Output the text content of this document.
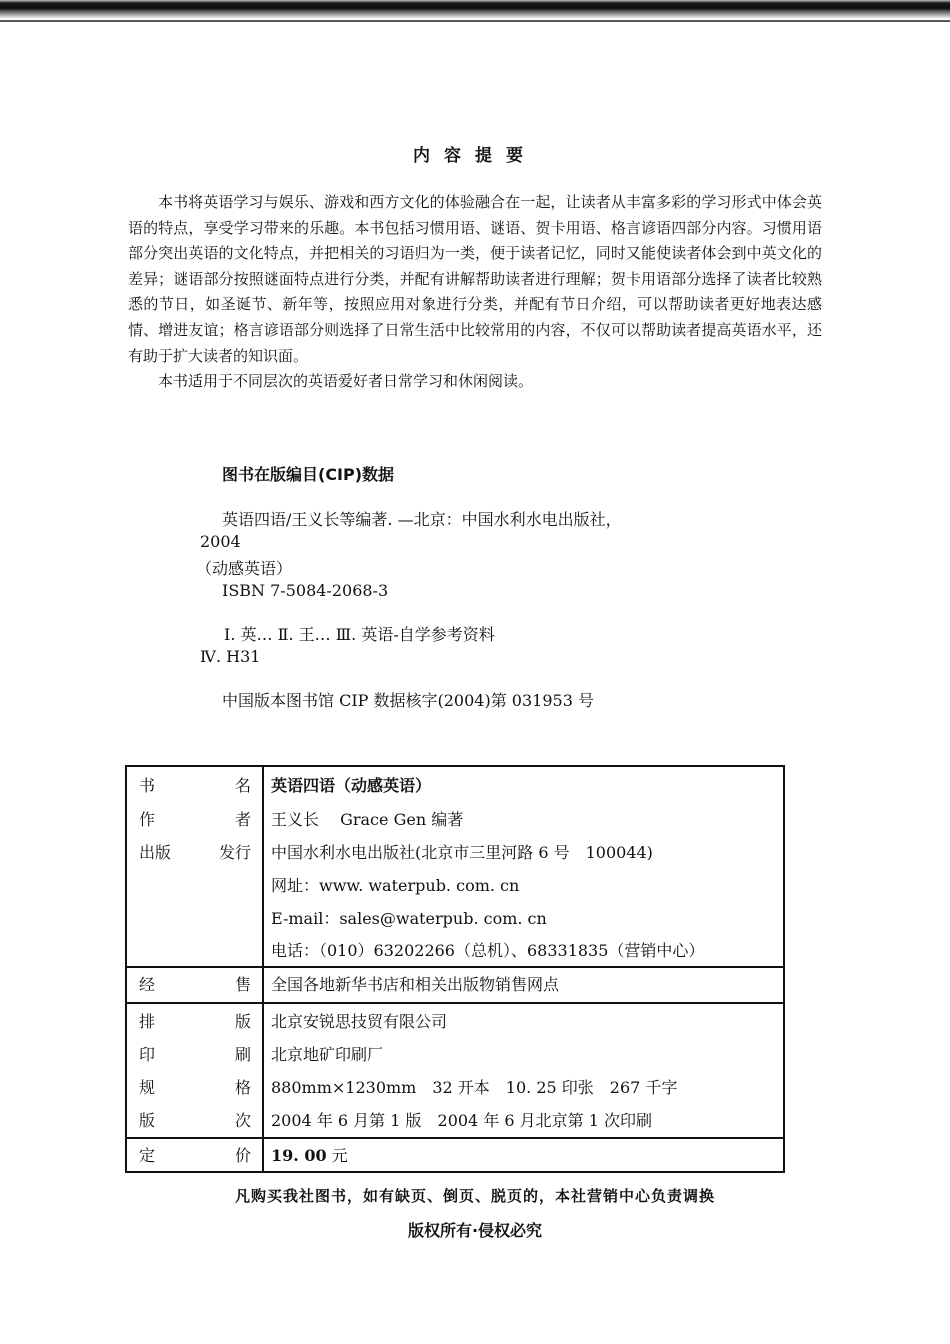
内容提要

本书将英语学习与娱乐、游戏和西方文化的体验融合在一起，让读者从丰富多彩的学习形式中体会英语的特点，享受学习带来的乐趣。本书包括习惯用语、谜语、贺卡用语、格言谚语四部分内容。习惯用语部分突出英语的文化特点，并把相关的习语归为一类，便于读者记忆，同时又能使读者体会到中英文化的差异；谜语部分按照谜面特点进行分类，并配有讲解帮助读者进行理解；贺卡用语部分选择了读者比较熟悉的节日，如圣诞节、新年等，按照应用对象进行分类，并配有节日介绍，可以帮助读者更好地表达感情、增进友谊；格言谚语部分则选择了日常生活中比较常用的内容，不仅可以帮助读者提高英语水平，还有助于扩大读者的知识面。

本书适用于不同层次的英语爱好者日常学习和休闲阅读。

图书在版编目(CIP)数据
英语四语/王义长等编著. —北京：中国水利水电出版社，
2004
（动感英语）
ISBN 7-5084-2068-3
Ⅰ. 英… Ⅱ. 王… Ⅲ. 英语-自学参考资料
Ⅳ. H31
中国版本图书馆 CIP 数据核字(2004)第 031953 号
书	名 英语四语（动感英语）
作	者 王义长　 Grace Gen 编著
出版	发行 中国水利水电出版社(北京市三里河路 6 号　100044)
网址：www. waterpub. com. cn
E-mail：sales@waterpub. com. cn
电话：（010）63202266（总机）、68331835（营销中心）
经	售 全国各地新华书店和相关出版物销售网点
排	版 北京安锐思技贸有限公司
印	刷 北京地矿印刷厂
规	格 880mm×1230mm　32 开本　10. 25 印张　267 千字
版	次 2004 年 6 月第 1 版　2004 年 6 月北京第 1 次印刷
定	价 19. 00 元
凡购买我社图书，如有缺页、倒页、脱页的，本社营销中心负责调换
版权所有·侵权必究
